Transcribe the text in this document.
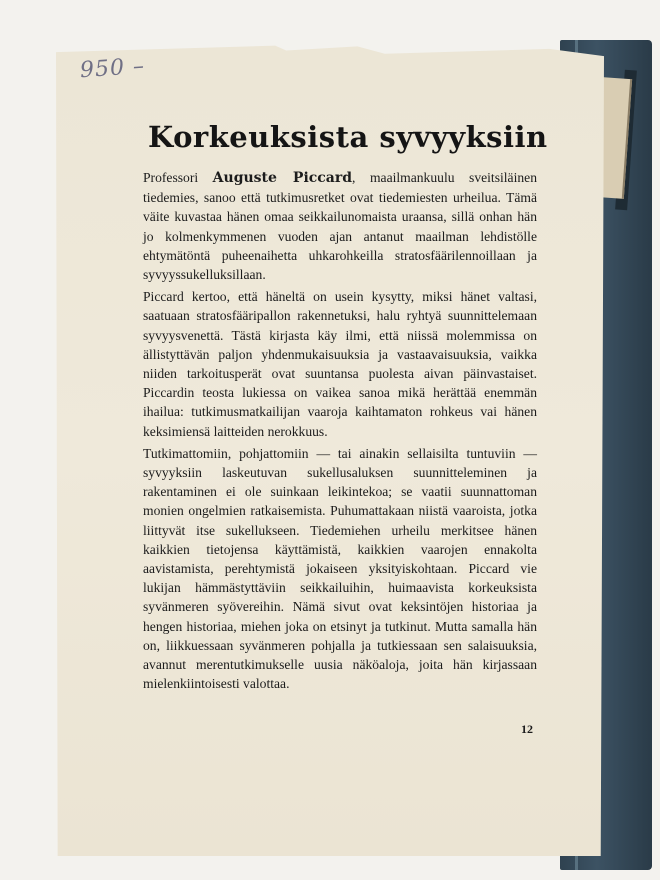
950 –
Korkeuksista syvyyksiin

Professori Auguste Piccard, maailmankuulu sveitsiläinen tiedemies, sanoo että tutkimusretket ovat tiedemiesten urheilua. Tämä väite kuvastaa hänen omaa seikkailunomaista uraansa, sillä onhan hän jo kolmenkymmenen vuoden ajan antanut maailman lehdistölle ehtymätöntä puheenaihetta uhkarohkeilla stratosfäärilennoillaan ja syvyyssukelluksillaan.

Piccard kertoo, että häneltä on usein kysytty, miksi hänet valtasi, saatuaan stratosfääripallon rakennetuksi, halu ryhtyä suunnittelemaan syvyysvenettä. Tästä kirjasta käy ilmi, että niissä molemmissa on ällistyttävän paljon yhdenmukaisuuksia ja vastaavaisuuksia, vaikka niiden tarkoitusperät ovat suuntansa puolesta aivan päinvastaiset. Piccardin teosta lukiessa on vaikea sanoa mikä herättää enemmän ihailua: tutkimusmatkailijan vaaroja kaihtamaton rohkeus vai hänen keksimiensä laitteiden nerokkuus.

Tutkimattomiin, pohjattomiin — tai ainakin sellaisilta tuntuviin — syvyyksiin laskeutuvan sukellusaluksen suunnitteleminen ja rakentaminen ei ole suinkaan leikintekoa; se vaatii suunnattoman monien ongelmien ratkaisemista. Puhumattakaan niistä vaaroista, jotka liittyvät itse sukellukseen. Tiedemiehen urheilu merkitsee hänen kaikkien tietojensa käyttämistä, kaikkien vaarojen ennakolta aavistamista, perehtymistä jokaiseen yksityiskohtaan. Piccard vie lukijan hämmästyttäviin seikkailuihin, huimaavista korkeuksista syvänmeren syövereihin. Nämä sivut ovat keksintöjen historiaa ja hengen historiaa, miehen joka on etsinyt ja tutkinut. Mutta samalla hän on, liikkuessaan syvänmeren pohjalla ja tutkiessaan sen salaisuuksia, avannut merentutkimukselle uusia näköaloja, joita hän kirjassaan mielenkiintoisesti valottaa.

12
